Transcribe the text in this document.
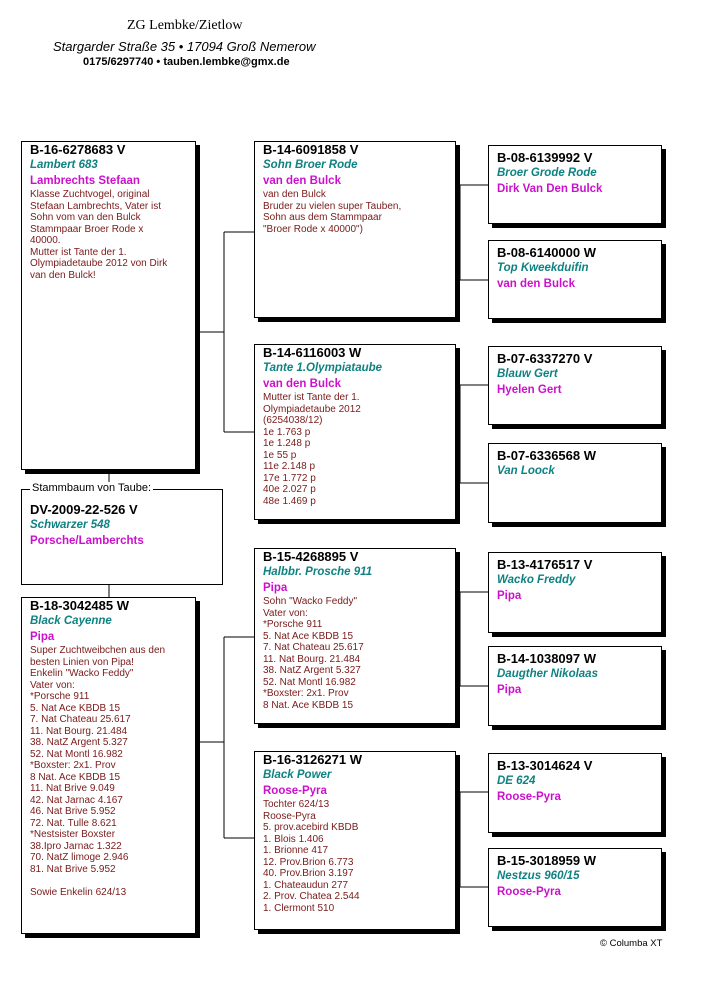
ZG Lembke/Zietlow
Stargarder Straße 35 • 17094 Groß Nemerow
0175/6297740 • tauben.lembke@gmx.de
B-16-6278683 V
Lambert 683
Lambrechts Stefaan
Klasse Zuchtvogel, original
Stefaan Lambrechts, Vater ist
Sohn vom van den Bulck
Stammpaar Broer Rode x
40000.
Mutter ist Tante der 1.
Olympiadetaube 2012 von Dirk
van den Bulck!
Stammbaum von Taube:
DV-2009-22-526 V
Schwarzer 548
Porsche/Lamberchts
B-18-3042485 W
Black Cayenne
Pipa
Super Zuchtweibchen aus den
besten Linien von Pipa!
Enkelin "Wacko Feddy"
Vater von:
*Porsche 911
5. Nat Ace KBDB 15
7. Nat Chateau 25.617
11. Nat Bourg. 21.484
38. NatZ Argent 5.327
52. Nat Montl 16.982
*Boxster: 2x1. Prov
8 Nat. Ace KBDB 15
11. Nat Brive 9.049
42. Nat Jarnac 4.167
46. Nat Brive 5.952
72. Nat. Tulle 8.621
*Nestsister Boxster
38.Ipro Jarnac 1.322
70. NatZ limoge 2.946
81. Nat Brive 5.952

Sowie Enkelin 624/13
B-14-6091858 V
Sohn Broer Rode
van den Bulck
van den Bulck
Bruder zu vielen super Tauben,
Sohn aus dem Stammpaar
"Broer Rode x 40000")
B-14-6116003 W
Tante 1.Olympiataube
van den Bulck
Mutter ist Tante der 1.
Olympiadetaube 2012
(6254038/12)
1e 1.763 p
1e 1.248 p
1e 55 p
11e 2.148 p
17e 1.772 p
40e 2.027 p
48e 1.469 p
B-15-4268895 V
Halbbr. Prosche 911
Pipa
Sohn "Wacko Feddy"
Vater von:
*Porsche 911
5. Nat Ace KBDB 15
7. Nat Chateau 25.617
11. Nat Bourg. 21.484
38. NatZ Argent 5.327
52. Nat Montl 16.982
*Boxster: 2x1. Prov
8 Nat. Ace KBDB 15
B-16-3126271 W
Black Power
Roose-Pyra
Tochter 624/13
Roose-Pyra
5. prov.acebird KBDB
1. Blois 1.406
1. Brionne 417
12. Prov.Brion 6.773
40. Prov.Brion 3.197
1. Chateaudun 277
2. Prov. Chatea 2.544
1. Clermont 510
B-08-6139992 V
Broer Grode Rode
Dirk Van Den Bulck
B-08-6140000 W
Top Kweekduifin
van den Bulck
B-07-6337270 V
Blauw Gert
Hyelen Gert
B-07-6336568 W
Van Loock
B-13-4176517 V
Wacko Freddy
Pipa
B-14-1038097 W
Daugther Nikolaas
Pipa
B-13-3014624 V
DE 624
Roose-Pyra
B-15-3018959 W
Nestzus 960/15
Roose-Pyra
© Columba XT
